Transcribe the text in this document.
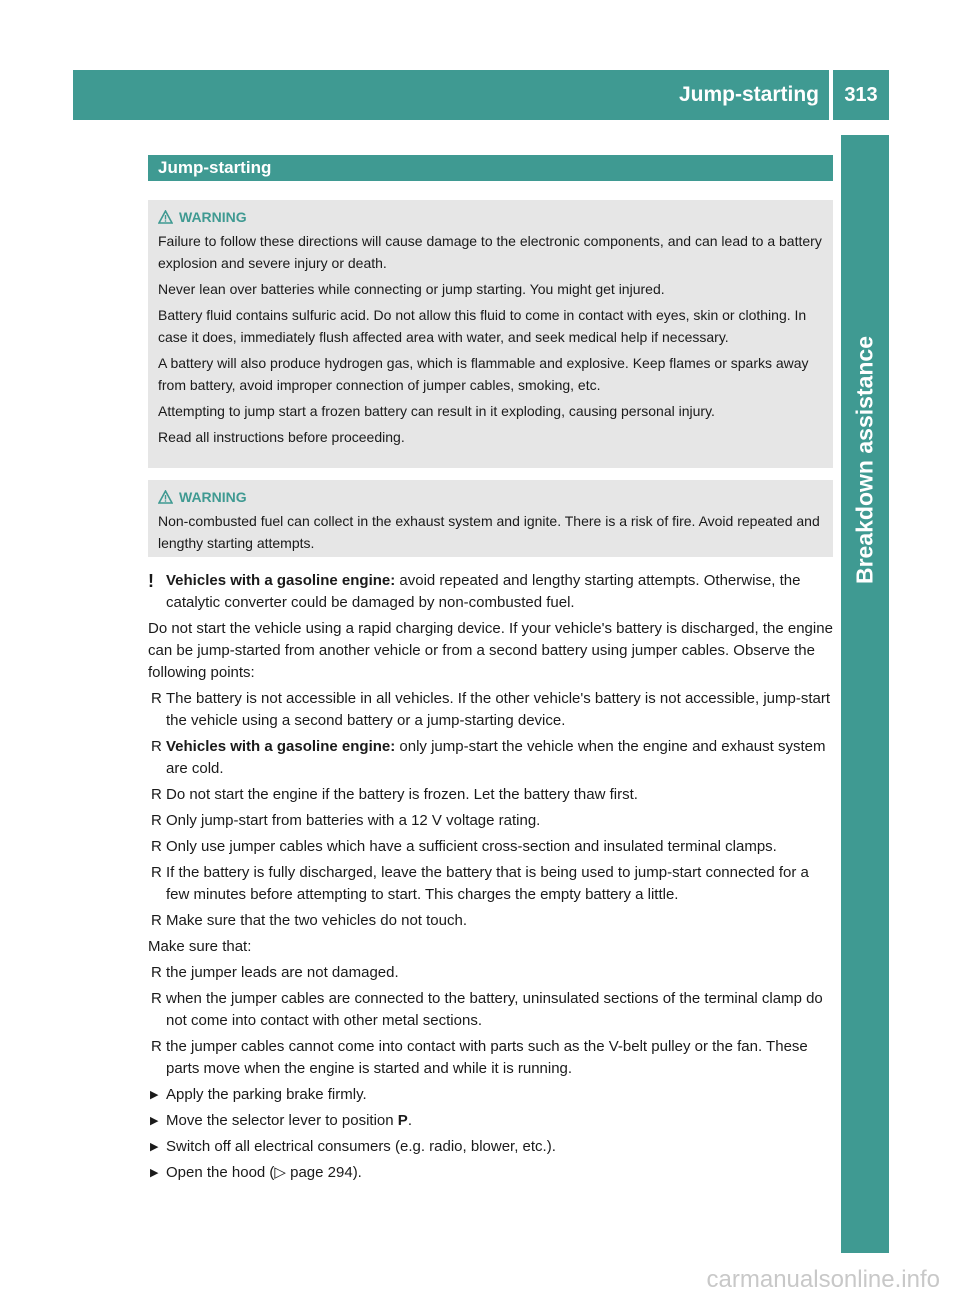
Jump-starting	313
Breakdown assistance
Jump-starting
WARNING

Failure to follow these directions will cause damage to the electronic components, and can lead to a battery explosion and severe injury or death.

Never lean over batteries while connecting or jump starting. You might get injured.

Battery fluid contains sulfuric acid. Do not allow this fluid to come in contact with eyes, skin or clothing. In case it does, immediately flush affected area with water, and seek medical help if necessary.

A battery will also produce hydrogen gas, which is flammable and explosive. Keep flames or sparks away from battery, avoid improper connection of jumper cables, smoking, etc.

Attempting to jump start a frozen battery can result in it exploding, causing personal injury.

Read all instructions before proceeding.

WARNING

Non-combusted fuel can collect in the exhaust system and ignite. There is a risk of fire. Avoid repeated and lengthy starting attempts.

! Vehicles with a gasoline engine: avoid repeated and lengthy starting attempts. Otherwise, the catalytic converter could be damaged by non-combusted fuel.

Do not start the vehicle using a rapid charging device. If your vehicle's battery is discharged, the engine can be jump-started from another vehicle or from a second battery using jumper cables. Observe the following points:

R The battery is not accessible in all vehicles. If the other vehicle's battery is not accessible, jump-start the vehicle using a second battery or a jump-starting device.
R Vehicles with a gasoline engine: only jump-start the vehicle when the engine and exhaust system are cold.
R Do not start the engine if the battery is frozen. Let the battery thaw first.
R Only jump-start from batteries with a 12 V voltage rating.
R Only use jumper cables which have a sufficient cross-section and insulated terminal clamps.
R If the battery is fully discharged, leave the battery that is being used to jump-start connected for a few minutes before attempting to start. This charges the empty battery a little.
R Make sure that the two vehicles do not touch.

Make sure that:

R the jumper leads are not damaged.
R when the jumper cables are connected to the battery, uninsulated sections of the terminal clamp do not come into contact with other metal sections.
R the jumper cables cannot come into contact with parts such as the V-belt pulley or the fan. These parts move when the engine is started and while it is running.
▶ Apply the parking brake firmly.
▶ Move the selector lever to position P.
▶ Switch off all electrical consumers (e.g. radio, blower, etc.).
▶ Open the hood (▷ page 294).
carmanualsonline.info
